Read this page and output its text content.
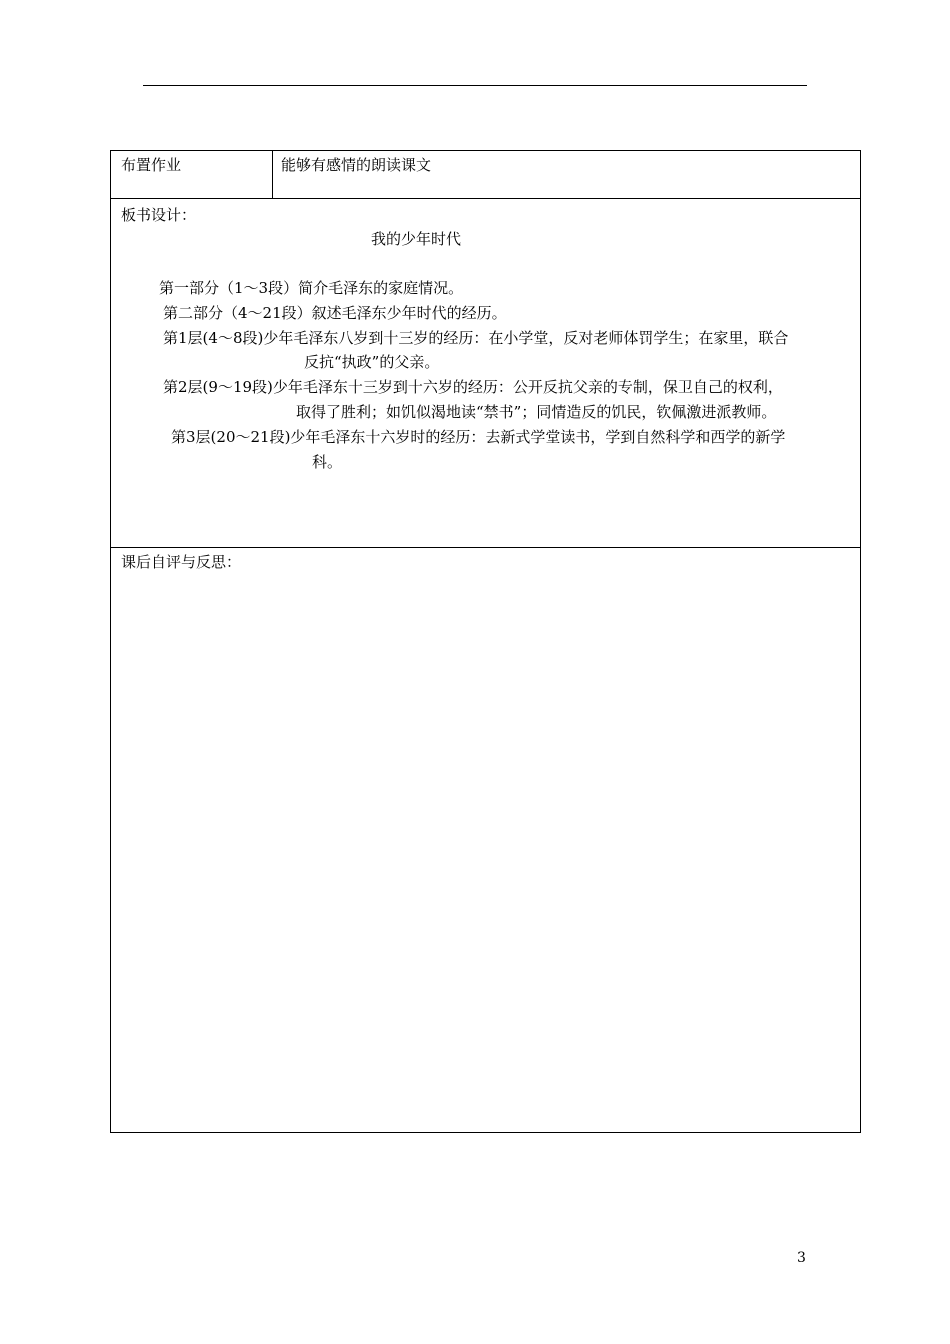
布置作业	能够有感情的朗读课文
板书设计：
我的少年时代
第一部分（1～3段）简介毛泽东的家庭情况。
第二部分（4～21段）叙述毛泽东少年时代的经历。
第1层(4～8段)少年毛泽东八岁到十三岁的经历：在小学堂，反对老师体罚学生；在家里，联合
反抗“执政”的父亲。
第2层(9～19段)少年毛泽东十三岁到十六岁的经历：公开反抗父亲的专制，保卫自己的权利，
取得了胜利；如饥似渴地读“禁书”；同情造反的饥民，钦佩激进派教师。
第3层(20～21段)少年毛泽东十六岁时的经历：去新式学堂读书，学到自然科学和西学的新学
科。
课后自评与反思：
3
